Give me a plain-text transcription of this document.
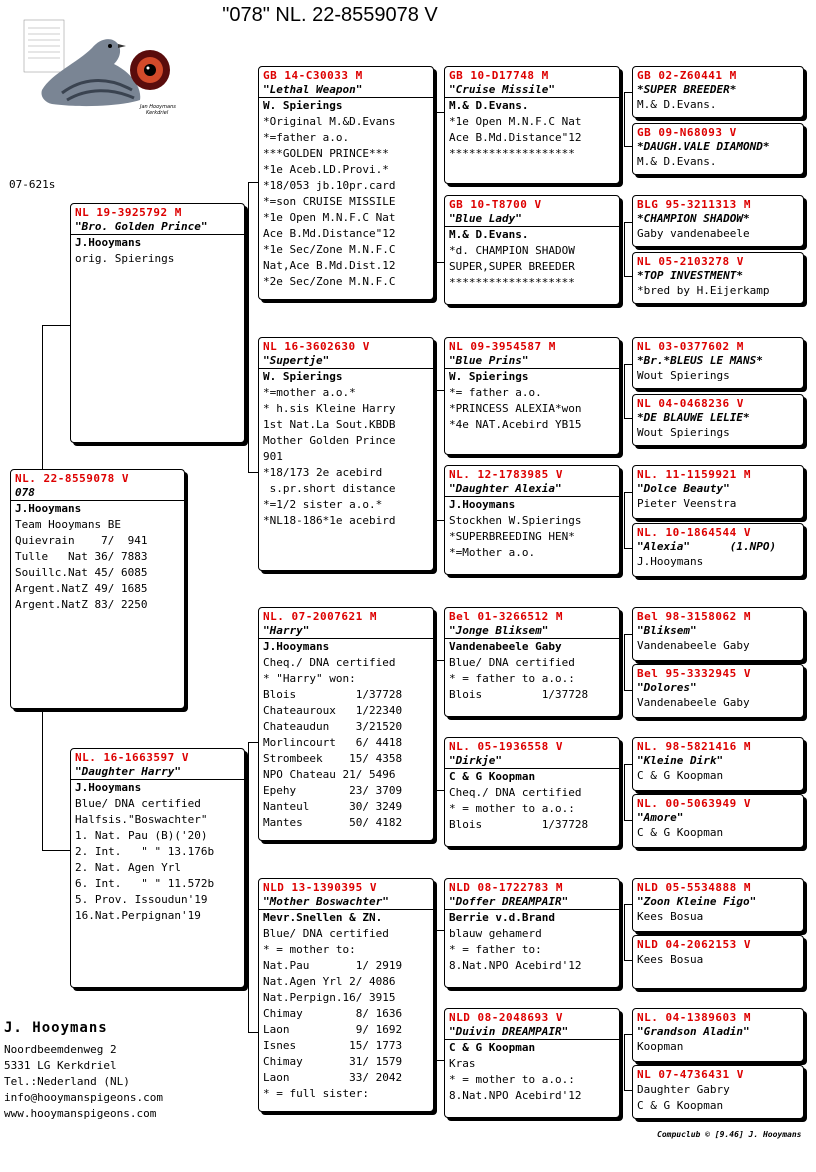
"078" NL. 22-8559078 V
Jan Hooymans
Kerkdriel
07-621s
NL. 22-8559078 V
078
J.Hooymans
Team Hooymans BE
Quievrain    7/  941
Tulle   Nat 36/ 7883
Souillc.Nat 45/ 6085
Argent.NatZ 49/ 1685
Argent.NatZ 83/ 2250
NL 19-3925792 M
"Bro. Golden Prince"
J.Hooymans
orig. Spierings
NL. 16-1663597 V
"Daughter Harry"
J.Hooymans
Blue/ DNA certified
Halfsis."Boswachter"
1. Nat. Pau (B)('20)
2. Int.   " " 13.176b
2. Nat. Agen Yrl
6. Int.   " " 11.572b
5. Prov. Issoudun'19
16.Nat.Perpignan'19
GB 14-C30033 M
"Lethal Weapon"
W. Spierings
*Original M.&D.Evans
*=father a.o.
***GOLDEN PRINCE***
*1e Aceb.LD.Provi.*
*18/053 jb.10pr.card
*=son CRUISE MISSILE
*1e Open M.N.F.C Nat
Ace B.Md.Distance"12
*1e Sec/Zone M.N.F.C
Nat,Ace B.Md.Dist.12
*2e Sec/Zone M.N.F.C
NL 16-3602630 V
"Supertje"
W. Spierings
*=mother a.o.*
* h.sis Kleine Harry
1st Nat.La Sout.KBDB
Mother Golden Prince
901
*18/173 2e acebird
s.pr.short distance
*=1/2 sister a.o.*
*NL18-186*1e acebird
NL. 07-2007621 M
"Harry"
J.Hooymans
Cheq./ DNA certified
* "Harry" won:
Blois         1/37728
Chateauroux   1/22340
Chateaudun    3/21520
Morlincourt   6/ 4418
Strombeek    15/ 4358
NPO Chateau 21/ 5496
Epehy        23/ 3709
Nanteul      30/ 3249
Mantes       50/ 4182
NLD 13-1390395 V
"Mother Boswachter"
Mevr.Snellen & ZN.
Blue/ DNA certified
* = mother to:
Nat.Pau       1/ 2919
Nat.Agen Yrl 2/ 4086
Nat.Perpign.16/ 3915
Chimay        8/ 1636
Laon          9/ 1692
Isnes        15/ 1773
Chimay       31/ 1579
Laon         33/ 2042
* = full sister:
GB 10-D17748 M
"Cruise Missile"
M.& D.Evans.
*1e Open M.N.F.C Nat
Ace B.Md.Distance"12
*******************
GB 10-T8700 V
"Blue Lady"
M.& D.Evans.
*d. CHAMPION SHADOW
SUPER,SUPER BREEDER
*******************
NL 09-3954587 M
"Blue Prins"
W. Spierings
*= father a.o.
*PRINCESS ALEXIA*won
*4e NAT.Acebird YB15
NL. 12-1783985 V
"Daughter Alexia"
J.Hooymans
Stockhen W.Spierings
*SUPERBREEDING HEN*
*=Mother a.o.
Bel 01-3266512 M
"Jonge Bliksem"
Vandenabeele Gaby
Blue/ DNA certified
* = father to a.o.:
Blois         1/37728
NL. 05-1936558 V
"Dirkje"
C & G Koopman
Cheq./ DNA certified
* = mother to a.o.:
Blois         1/37728
NLD 08-1722783 M
"Doffer DREAMPAIR"
Berrie v.d.Brand
blauw gehamerd
* = father to:
8.Nat.NPO Acebird'12
NLD 08-2048693 V
"Duivin DREAMPAIR"
C & G Koopman
Kras
* = mother to a.o.:
8.Nat.NPO Acebird'12
GB 02-Z60441 M
*SUPER BREEDER*
M.& D.Evans.
GB 09-N68093 V
*DAUGH.VALE DIAMOND*
M.& D.Evans.
BLG 95-3211313 M
*CHAMPION SHADOW*
Gaby vandenabeele
NL 05-2103278 V
*TOP INVESTMENT*
*bred by H.Eijerkamp
NL 03-0377602 M
*Br.*BLEUS LE MANS*
Wout Spierings
NL 04-0468236 V
*DE BLAUWE LELIE*
Wout Spierings
NL. 11-1159921 M
"Dolce Beauty"
Pieter Veenstra
NL. 10-1864544 V
"Alexia"      (1.NPO)
J.Hooymans
Bel 98-3158062 M
"Bliksem"
Vandenabeele Gaby
Bel 95-3332945 V
"Dolores"
Vandenabeele Gaby
NL. 98-5821416 M
"Kleine Dirk"
C & G Koopman
NL. 00-5063949 V
"Amore"
C & G Koopman
NLD 05-5534888 M
"Zoon Kleine Figo"
Kees Bosua
NLD 04-2062153 V
Kees Bosua
NL. 04-1389603 M
"Grandson Aladin"
Koopman
NL 07-4736431 V
Daughter Gabry
C & G Koopman
J. Hooymans
Noordbeemdenweg 2
5331 LG Kerkdriel
Tel.:Nederland (NL)
info@hooymanspigeons.com
www.hooymanspigeons.com
Compuclub © [9.46] J. Hooymans
